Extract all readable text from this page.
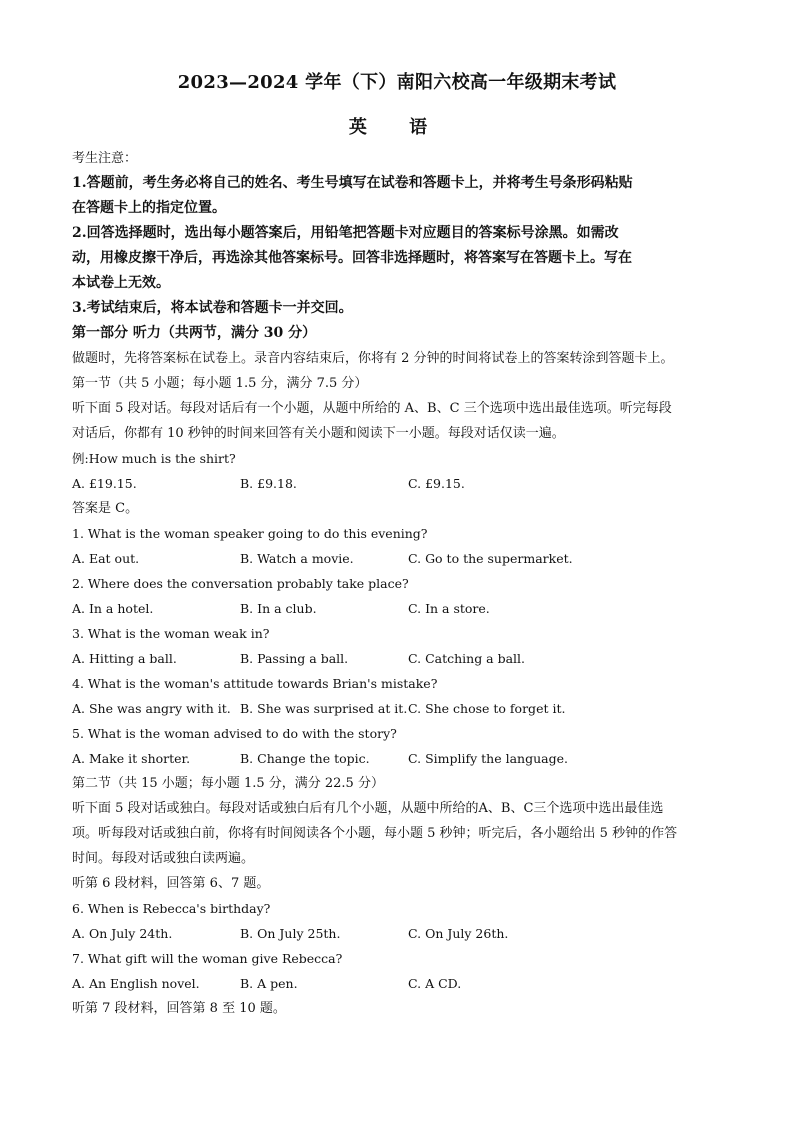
2023—2024 学年（下）南阳六校高一年级期末考试
英 语
考生注意：
1.答题前，考生务必将自己的姓名、考生号填写在试卷和答题卡上，并将考生号条形码粘贴
在答题卡上的指定位置。
2.回答选择题时，选出每小题答案后，用铅笔把答题卡对应题目的答案标号涂黑。如需改
动，用橡皮擦干净后，再选涂其他答案标号。回答非选择题时，将答案写在答题卡上。写在
本试卷上无效。
3.考试结束后，将本试卷和答题卡一并交回。
第一部分 听力（共两节，满分 30 分）
做题时，先将答案标在试卷上。录音内容结束后，你将有 2 分钟的时间将试卷上的答案转涂到答题卡上。
第一节（共 5 小题；每小题 1.5 分，满分 7.5 分）
听下面 5 段对话。每段对话后有一个小题，从题中所给的 A、B、C 三个选项中选出最佳选项。听完每段
对话后，你都有 10 秒钟的时间来回答有关小题和阅读下一小题。每段对话仅读一遍。
例:How much is the shirt?
A. £19.15.	B. £9.18.	C. £9.15.
答案是 C。
1. What is the woman speaker going to do this evening?
A. Eat out.	B. Watch a movie.	C. Go to the supermarket.
2. Where does the conversation probably take place?
A. In a hotel.	B. In a club.	C. In a store.
3. What is the woman weak in?
A. Hitting a ball.	B. Passing a ball.	C. Catching a ball.
4. What is the woman's attitude towards Brian's mistake?
A. She was angry with it. B. She was surprised at it. C. She chose to forget it.
5. What is the woman advised to do with the story?
A. Make it shorter.	B. Change the topic.	C. Simplify the language.
第二节（共 15 小题；每小题 1.5 分，满分 22.5 分）
听下面 5 段对话或独白。每段对话或独白后有几个小题，从题中所给的A、B、C三个选项中选出最佳选
项。听每段对话或独白前，你将有时间阅读各个小题，每小题 5 秒钟；听完后，各小题给出 5 秒钟的作答
时间。每段对话或独白读两遍。
听第 6 段材料，回答第 6、7 题。
6. When is Rebecca's birthday?
A. On July 24th.	B. On July 25th.	C. On July 26th.
7. What gift will the woman give Rebecca?
A. An English novel.	B. A pen.	C. A CD.
听第 7 段材料，回答第 8 至 10 题。
